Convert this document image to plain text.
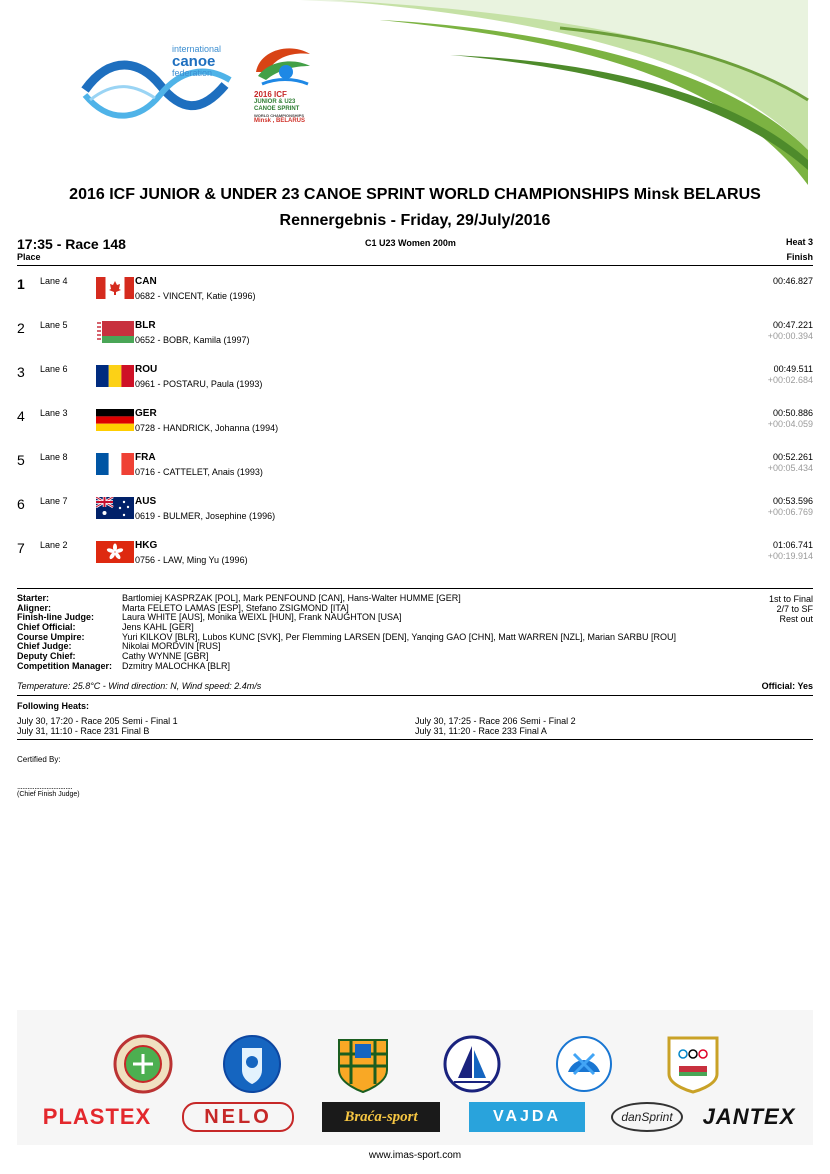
international
canoe
federation
2016 ICF
JUNIOR & U23
CANOE SPRINT
WORLD CHAMPIONSHIPS
Minsk , BELARUS
2016 ICF JUNIOR & UNDER 23 CANOE SPRINT WORLD CHAMPIONSHIPS Minsk BELARUS
Rennergebnis - Friday, 29/July/2016
17:35 - Race 148
Place
C1 U23 Women 200m	Heat 3
Finish
1 Lane 4	CAN
0682 - VINCENT, Katie (1996)
00:46.827
2 Lane 5	BLR
0652 - BOBR, Kamila (1997)
00:47.221
+00:00.394
3 Lane 6	ROU
0961 - POSTARU, Paula (1993)
00:49.511
+00:02.684
4 Lane 3	GER
0728 - HANDRICK, Johanna (1994)
00:50.886
+00:04.059
5 Lane 8	FRA
0716 - CATTELET, Anais (1993)
00:52.261
+00:05.434
6 Lane 7	AUS
0619 - BULMER, Josephine (1996)
00:53.596
+00:06.769
7 Lane 2	HKG
0756 - LAW, Ming Yu (1996)
01:06.741
+00:19.914
Starter:	Bartlomiej KASPRZAK [POL], Mark PENFOUND [CAN], Hans-Walter HUMME [GER]
Aligner:	Marta FELETO LAMAS [ESP], Stefano ZSIGMOND [ITA]
Finish-line Judge:	Laura WHITE [AUS], Monika WEIXL [HUN], Frank NAUGHTON [USA]
Chief Official:	Jens KAHL [GER]
Course Umpire:	Yuri KILKOV [BLR], Lubos KUNC [SVK], Per Flemming LARSEN [DEN], Yanqing GAO [CHN], Matt WARREN [NZL], Marian SARBU [ROU]
Chief Judge:	Nikolai MORDVIN [RUS]
Deputy Chief:	Cathy WYNNE [GBR]
Competition Manager: Dzmitry MALOCHKA [BLR]
1st to Final
2/7 to SF
Rest out
Temperature: 25.8°C - Wind direction: N, Wind speed: 2.4m/s	Official: Yes
Following Heats:
July 30, 17:20 - Race 205 Semi - Final 1	July 30, 17:25 - Race 206 Semi - Final 2
July 31, 11:10 - Race 231 Final B	July 31, 11:20 - Race 233 Final A
Certified By:
................................
(Chief Finish Judge)
PLASTEX	NELO	Braća-sport	VAJDA	danSprint JANTEX
www.imas-sport.com
